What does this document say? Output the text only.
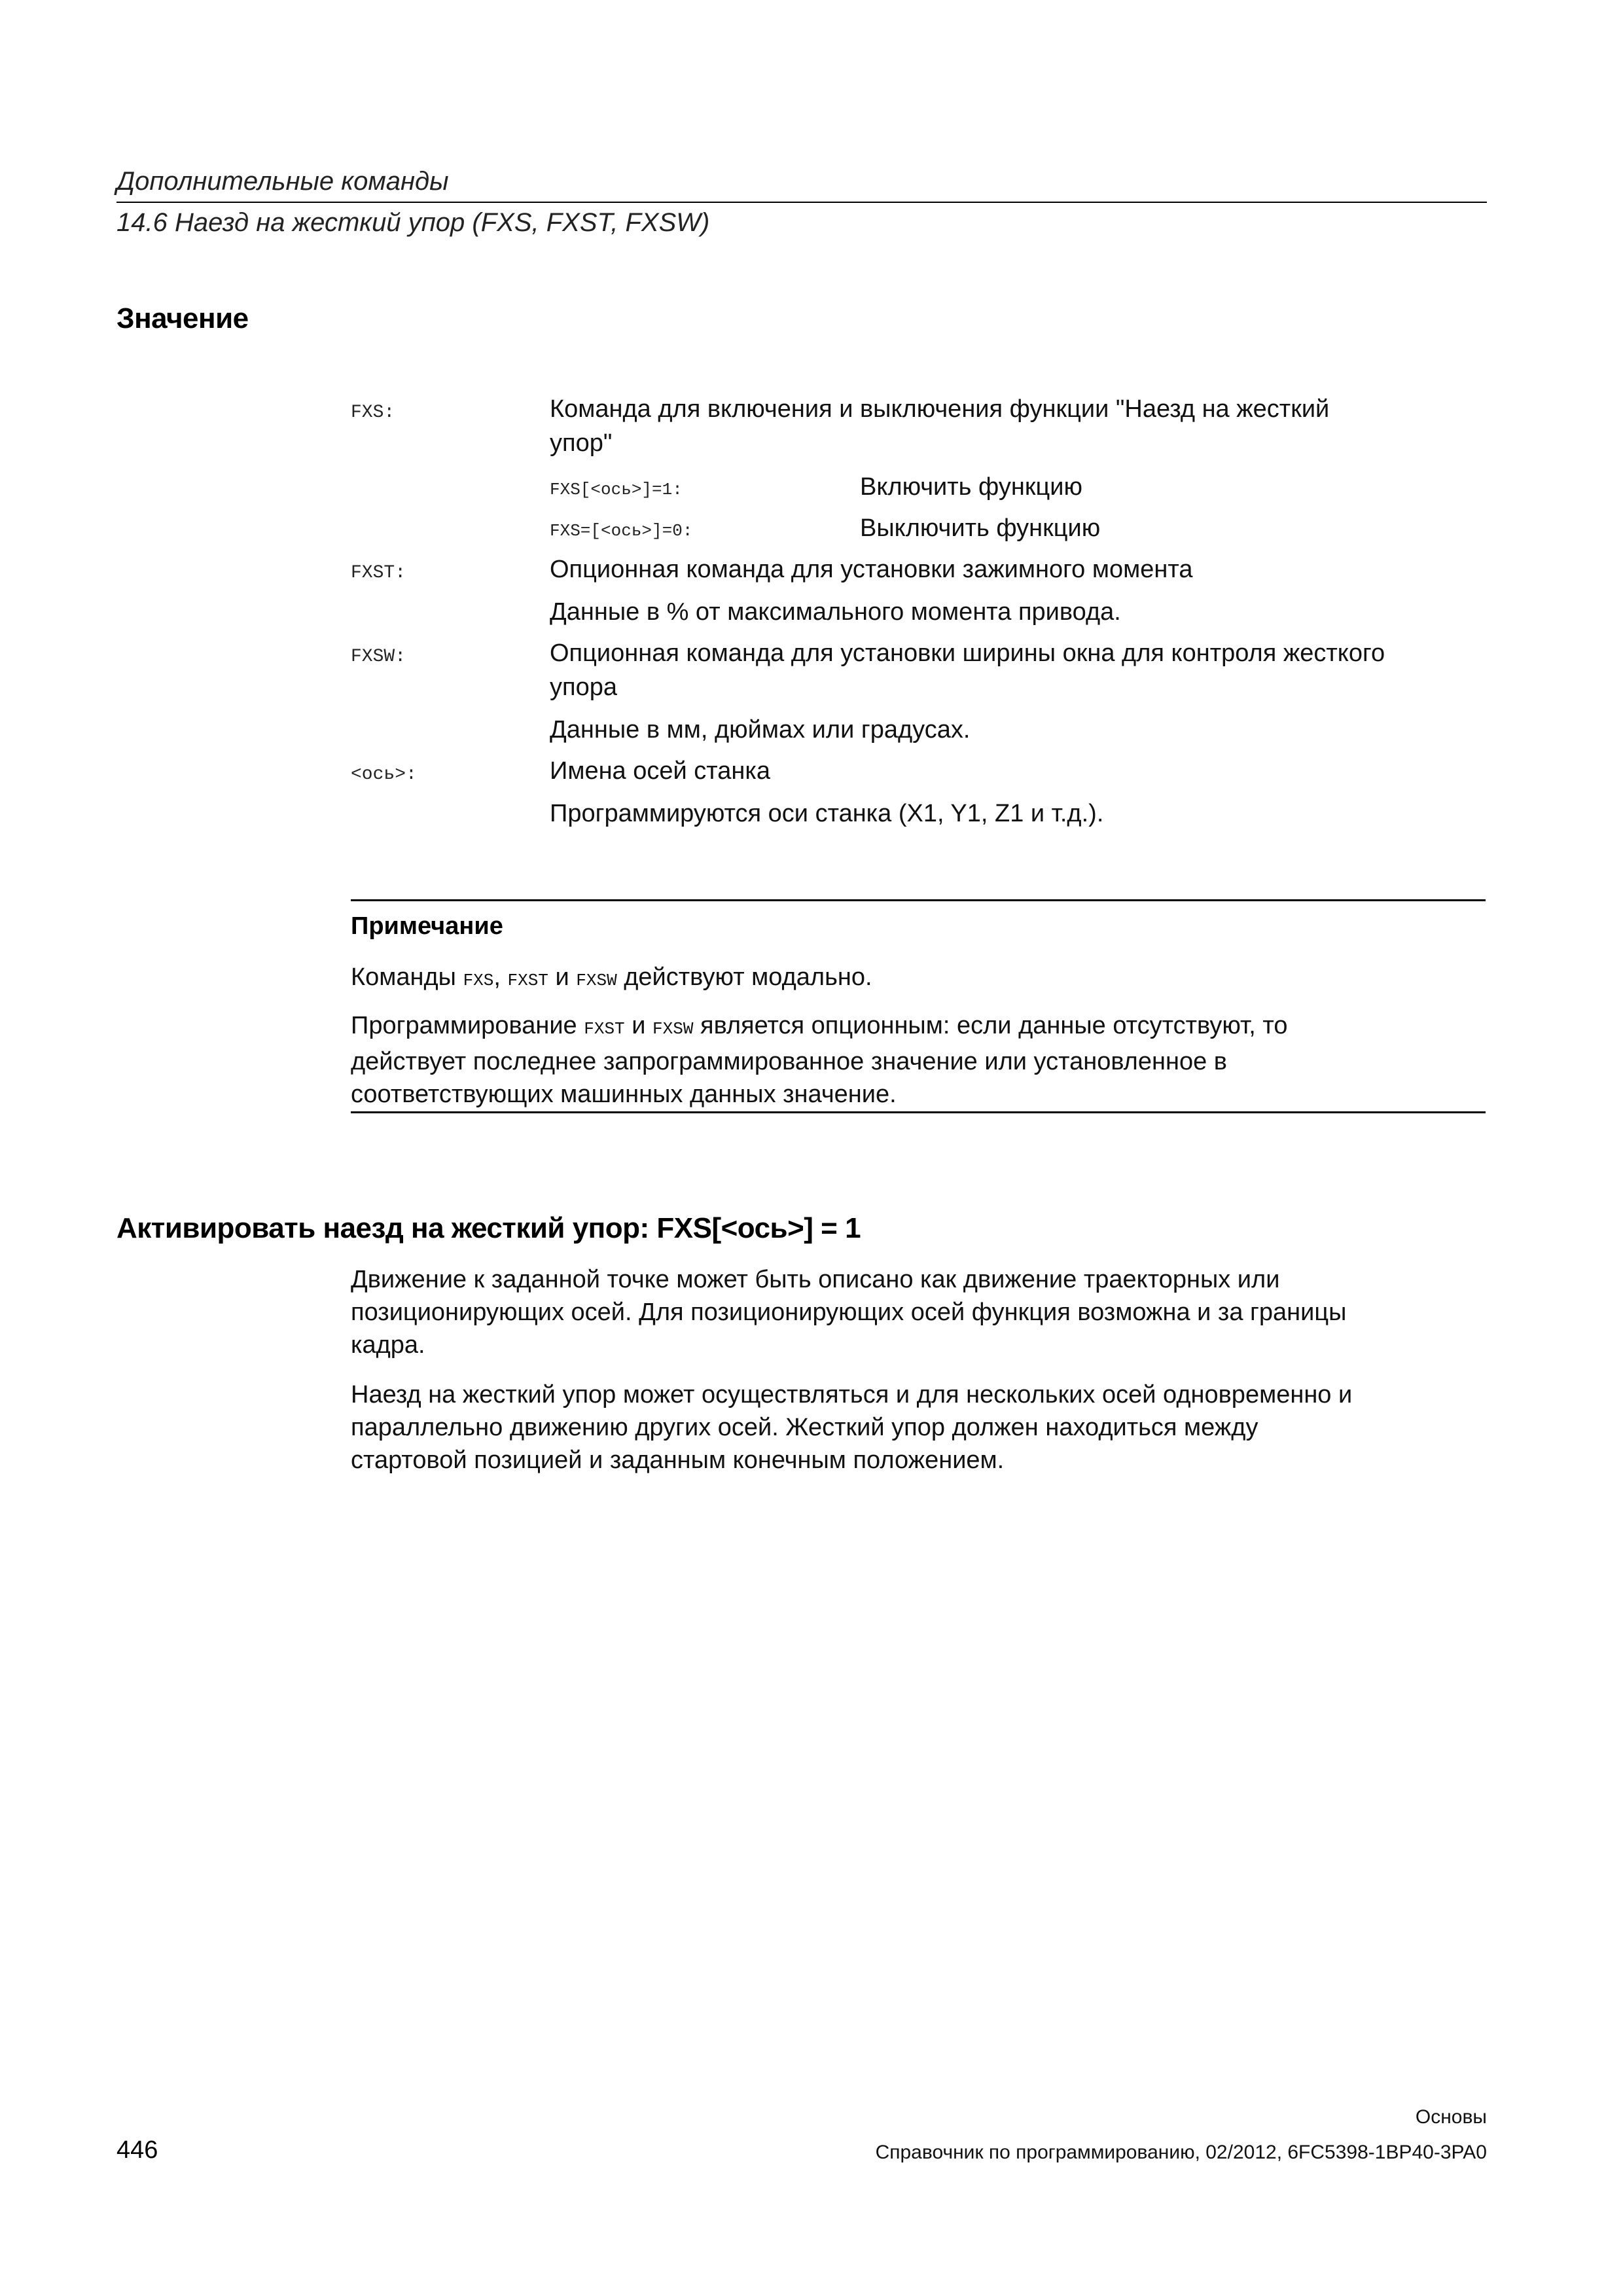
Дополнительные команды
14.6 Наезд на жесткий упор (FXS, FXST, FXSW)
Значение
FXS:	Команда для включения и выключения функции "Наезд на жесткий
упор"
FXS[<ось>]=1:	Включить функцию
FXS=[<ось>]=0:	Выключить функцию
FXST:	Опционная команда для установки зажимного момента
Данные в % от максимального момента привода.
FXSW:	Опционная команда для установки ширины окна для контроля жесткого
упора
Данные в мм, дюймах или градусах.
<ось>:	Имена осей станка
Программируются оси станка (X1, Y1, Z1 и т.д.).
Примечание
Команды FXS, FXST и FXSW действуют модально.
Программирование FXST и FXSW является опционным: если данные отсутствуют, то
действует последнее запрограммированное значение или установленное в
соответствующих машинных данных значение.
Активировать наезд на жесткий упор: FXS[<ось>] = 1
Движение к заданной точке может быть описано как движение траекторных или
позиционирующих осей. Для позиционирующих осей функция возможна и за границы
кадра.
Наезд на жесткий упор может осуществляться и для нескольких осей одновременно и
параллельно движению других осей. Жесткий упор должен находиться между
стартовой позицией и заданным конечным положением.
Основы
446	Справочник по программированию, 02/2012, 6FC5398-1BP40-3PA0
